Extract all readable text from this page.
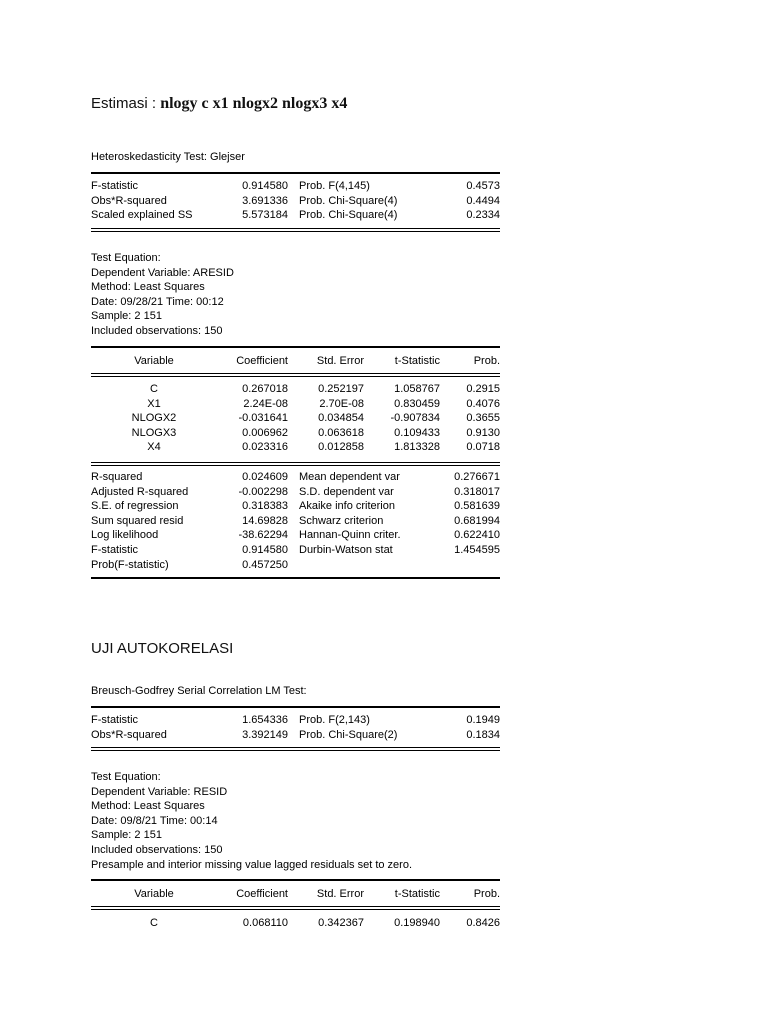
Estimasi : nlogy c x1 nlogx2 nlogx3 x4
Heteroskedasticity Test: Glejser
F-statistic	0.914580 Prob. F(4,145)	0.4573
Obs*R-squared	3.691336 Prob. Chi-Square(4)	0.4494
Scaled explained SS	5.573184 Prob. Chi-Square(4)	0.2334
Test Equation:
Dependent Variable: ARESID
Method: Least Squares
Date: 09/28/21 Time: 00:12
Sample: 2 151
Included observations: 150
Variable	Coefficient	Std. Error	t-Statistic	Prob.
C	0.267018	0.252197	1.058767	0.2915
X1	2.24E-08	2.70E-08	0.830459	0.4076
NLOGX2	-0.031641	0.034854	-0.907834	0.3655
NLOGX3	0.006962	0.063618	0.109433	0.9130
X4	0.023316	0.012858	1.813328	0.0718
R-squared	0.024609 Mean dependent var	0.276671
Adjusted R-squared	-0.002298 S.D. dependent var	0.318017
S.E. of regression	0.318383 Akaike info criterion	0.581639
Sum squared resid	14.69828 Schwarz criterion	0.681994
Log likelihood	-38.62294 Hannan-Quinn criter.	0.622410
F-statistic	0.914580 Durbin-Watson stat	1.454595
Prob(F-statistic)	0.457250
UJI AUTOKORELASI
Breusch-Godfrey Serial Correlation LM Test:
F-statistic	1.654336 Prob. F(2,143)	0.1949
Obs*R-squared	3.392149 Prob. Chi-Square(2)	0.1834
Test Equation:
Dependent Variable: RESID
Method: Least Squares
Date: 09/8/21 Time: 00:14
Sample: 2 151
Included observations: 150
Presample and interior missing value lagged residuals set to zero.
Variable	Coefficient	Std. Error	t-Statistic	Prob.
C	0.068110	0.342367	0.198940	0.8426
